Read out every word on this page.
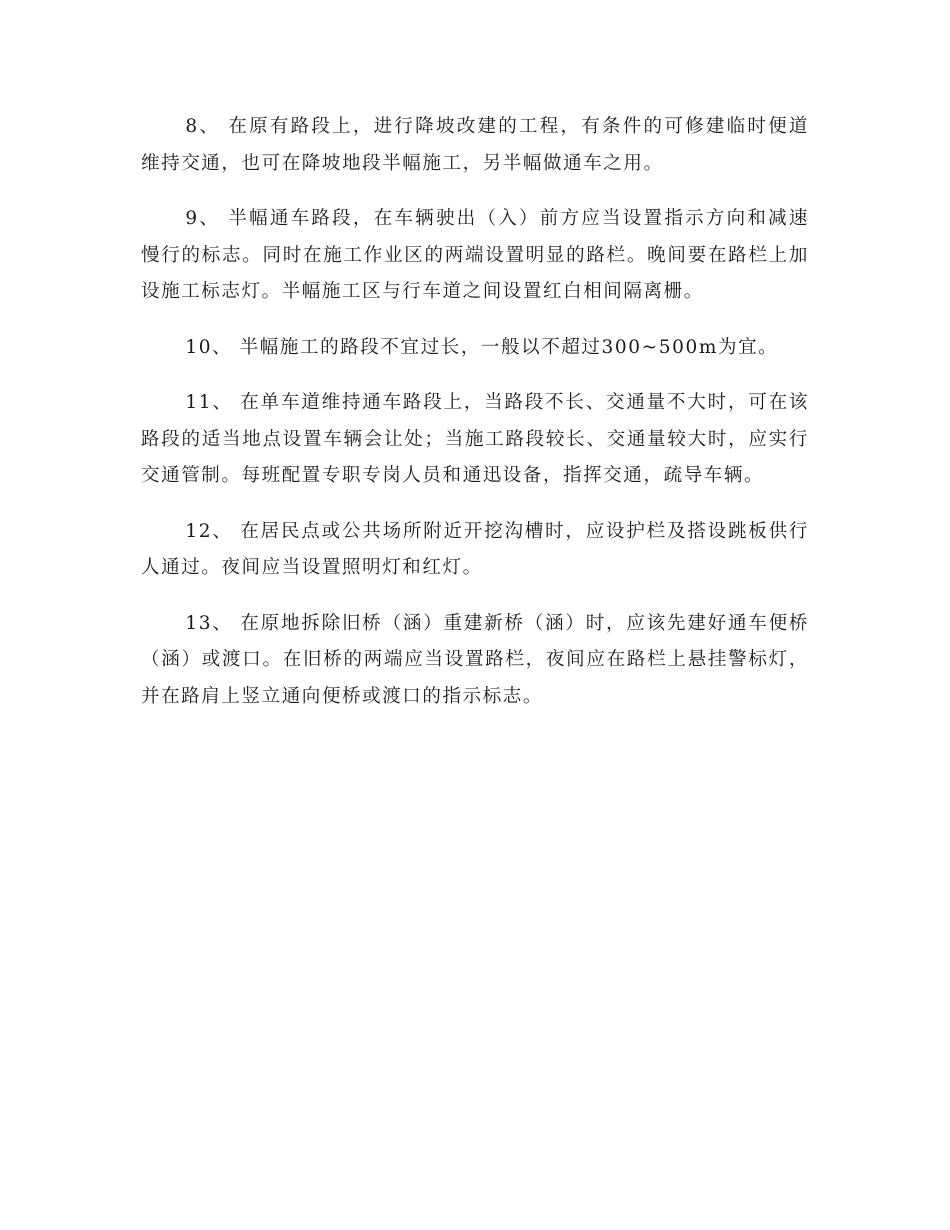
8、 在原有路段上，进行降坡改建的工程，有条件的可修建临时便道维持交通，也可在降坡地段半幅施工，另半幅做通车之用。

9、 半幅通车路段，在车辆驶出（入）前方应当设置指示方向和减速慢行的标志。同时在施工作业区的两端设置明显的路栏。晚间要在路栏上加设施工标志灯。半幅施工区与行车道之间设置红白相间隔离栅。

10、 半幅施工的路段不宜过长，一般以不超过300~500m为宜。

11、 在单车道维持通车路段上，当路段不长、交通量不大时，可在该路段的适当地点设置车辆会让处；当施工路段较长、交通量较大时，应实行交通管制。每班配置专职专岗人员和通迅设备，指挥交通，疏导车辆。

12、 在居民点或公共场所附近开挖沟槽时，应设护栏及搭设跳板供行人通过。夜间应当设置照明灯和红灯。

13、 在原地拆除旧桥（涵）重建新桥（涵）时，应该先建好通车便桥（涵）或渡口。在旧桥的两端应当设置路栏，夜间应在路栏上悬挂警标灯，并在路肩上竖立通向便桥或渡口的指示标志。
